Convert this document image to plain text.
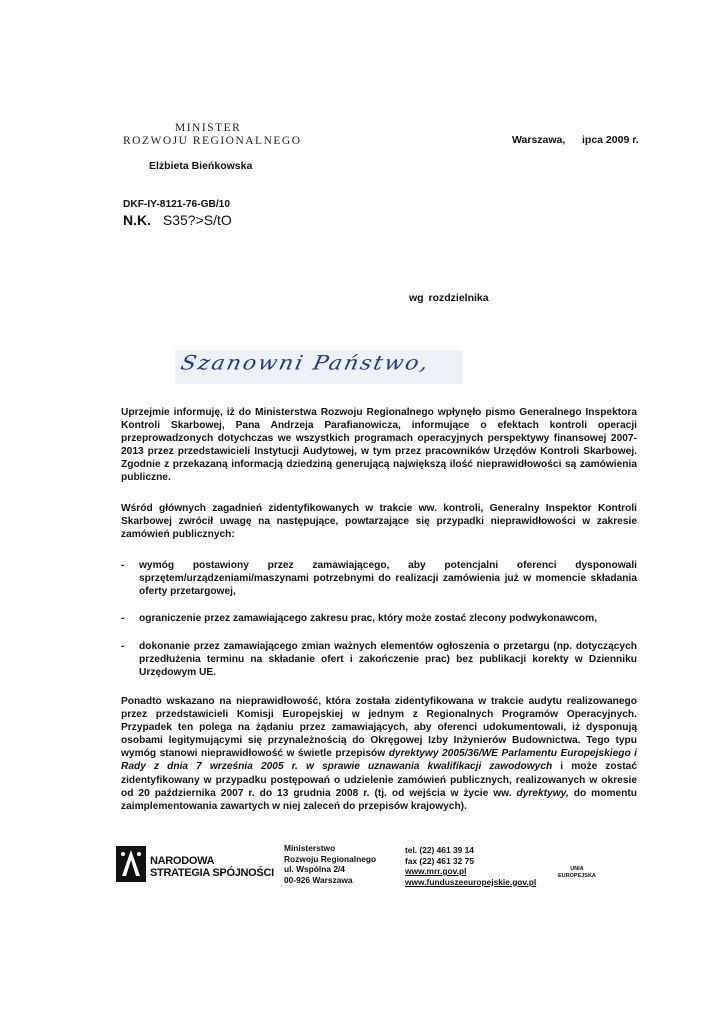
MINISTER
ROZWOJU REGIONALNEGO
Elżbieta Bieńkowska
Warszawa, ipca 2009 r.
DKF-IY-8121-76-GB/10
N.K. S35?>S/tO
wg rozdzielnika
Szanowni Państwo,
Uprzejmie informuję, iż do Ministerstwa Rozwoju Regionalnego wpłynęło pismo Generalnego Inspektora Kontroli Skarbowej, Pana Andrzeja Parafianowicza, informujące o efektach kontroli operacji przeprowadzonych dotychczas we wszystkich programach operacyjnych perspektywy finansowej 2007-2013 przez przedstawicieli Instytucji Audytowej, w tym przez pracowników Urzędów Kontroli Skarbowej. Zgodnie z przekazaną informacją dziedziną generującą największą ilość nieprawidłowości są zamówienia publiczne.
Wśród głównych zagadnień zidentyfikowanych w trakcie ww. kontroli, Generalny Inspektor Kontroli Skarbowej zwrócił uwagę na następujące, powtarzające się przypadki nieprawidłowości w zakresie zamówień publicznych:
- wymóg postawiony przez zamawiającego, aby potencjalni oferenci dysponowali sprzętem/urządzeniami/maszynami potrzebnymi do realizacji zamówienia już w momencie składania oferty przetargowej,
- ograniczenie przez zamawiającego zakresu prac, który może zostać zlecony podwykonawcom,
- dokonanie przez zamawiającego zmian ważnych elementów ogłoszenia o przetargu (np. dotyczących przedłużenia terminu na składanie ofert i zakończenie prac) bez publikacji korekty w Dzienniku Urzędowym UE.
Ponadto wskazano na nieprawidłowość, która została zidentyfikowana w trakcie audytu realizowanego przez przedstawicieli Komisji Europejskiej w jednym z Regionalnych Programów Operacyjnych. Przypadek ten polega na żądaniu przez zamawiających, aby oferenci udokumentowali, iż dysponują osobami legitymującymi się przynależnością do Okręgowej Izby Inżynierów Budownictwa. Tego typu wymóg stanowi nieprawidłowość w świetle przepisów dyrektywy 2005/36/WE Parlamentu Europejskiego i Rady z dnia 7 września 2005 r. w sprawie uznawania kwalifikacji zawodowych i może zostać zidentyfikowany w przypadku postępowań o udzielenie zamówień publicznych, realizowanych w okresie od 20 października 2007 r. do 13 grudnia 2008 r. (tj. od wejścia w życie ww. dyrektywy, do momentu zaimplementowania zawartych w niej zaleceń do przepisów krajowych).
NARODOWA
STRATEGIA SPÓJNOŚCI
Ministerstwo
Rozwoju Regionalnego
ul. Wspólna 2/4
00-926 Warszawa
tel. (22) 461 39 14
fax (22) 461 32 75
www.mrr.gov.pl
www.funduszeeuropejskie.gov.pl
UNIA
EUROPEJSKA
